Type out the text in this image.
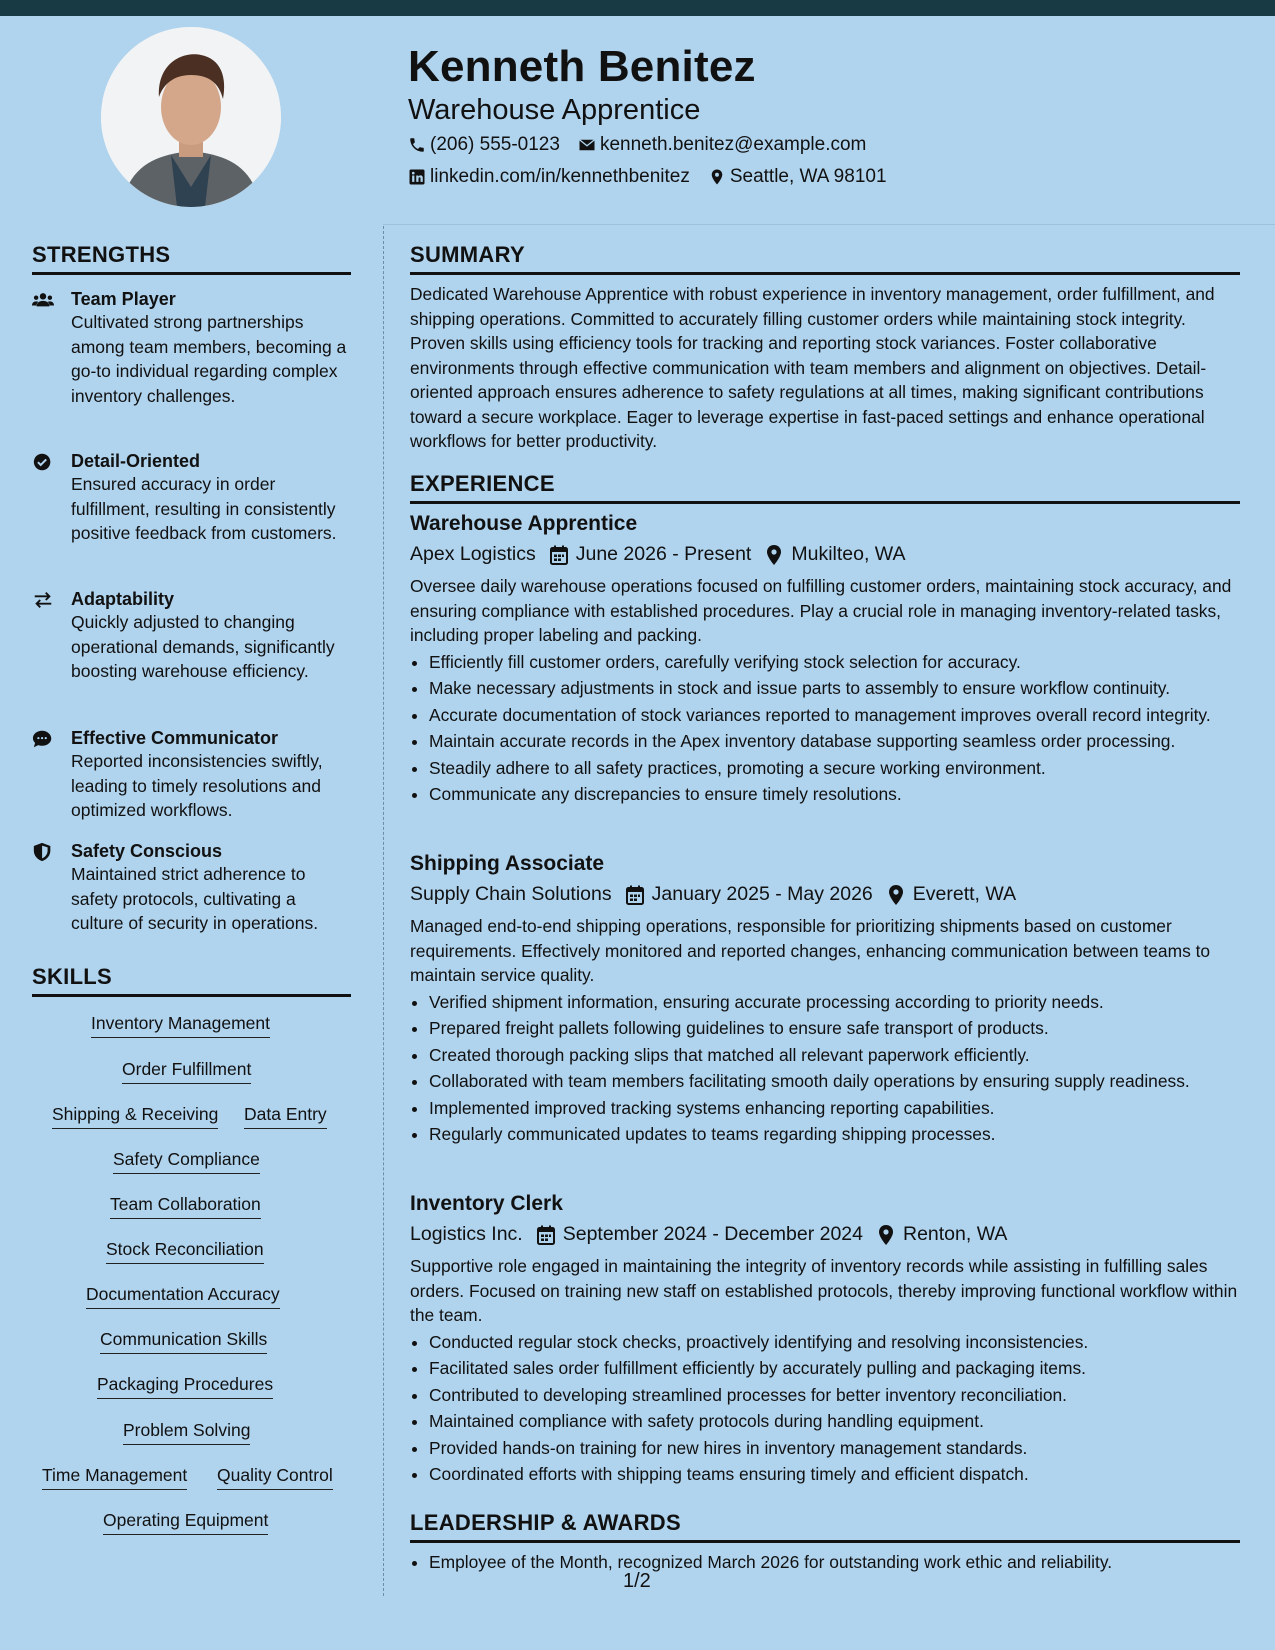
Kenneth Benitez
Warehouse Apprentice
(206) 555-0123 kenneth.benitez@example.com
linkedin.com/in/kennethbenitez Seattle, WA 98101
STRENGTHS
Team Player
Cultivated strong partnerships among team members, becoming a go-to individual regarding complex inventory challenges.
Detail-Oriented
Ensured accuracy in order fulfillment, resulting in consistently positive feedback from customers.
Adaptability
Quickly adjusted to changing operational demands, significantly boosting warehouse efficiency.
Effective Communicator
Reported inconsistencies swiftly, leading to timely resolutions and optimized workflows.
Safety Conscious
Maintained strict adherence to safety protocols, cultivating a culture of security in operations.
SKILLS
Inventory Management
Order Fulfillment
Shipping & Receiving Data Entry
Safety Compliance
Team Collaboration
Stock Reconciliation
Documentation Accuracy
Communication Skills
Packaging Procedures
Problem Solving
Time Management Quality Control
Operating Equipment
SUMMARY
Dedicated Warehouse Apprentice with robust experience in inventory management, order fulfillment, and shipping operations. Committed to accurately filling customer orders while maintaining stock integrity. Proven skills using efficiency tools for tracking and reporting stock variances. Foster collaborative environments through effective communication with team members and alignment on objectives. Detail-oriented approach ensures adherence to safety regulations at all times, making significant contributions toward a secure workplace. Eager to leverage expertise in fast-paced settings and enhance operational workflows for better productivity.
EXPERIENCE
Warehouse Apprentice
Apex Logistics June 2026 - Present Mukilteo, WA
Oversee daily warehouse operations focused on fulfilling customer orders, maintaining stock accuracy, and ensuring compliance with established procedures. Play a crucial role in managing inventory-related tasks, including proper labeling and packing.
• Efficiently fill customer orders, carefully verifying stock selection for accuracy.
• Make necessary adjustments in stock and issue parts to assembly to ensure workflow continuity.
• Accurate documentation of stock variances reported to management improves overall record integrity.
• Maintain accurate records in the Apex inventory database supporting seamless order processing.
• Steadily adhere to all safety practices, promoting a secure working environment.
• Communicate any discrepancies to ensure timely resolutions.
Shipping Associate
Supply Chain Solutions January 2025 - May 2026 Everett, WA
Managed end-to-end shipping operations, responsible for prioritizing shipments based on customer requirements. Effectively monitored and reported changes, enhancing communication between teams to maintain service quality.
• Verified shipment information, ensuring accurate processing according to priority needs.
• Prepared freight pallets following guidelines to ensure safe transport of products.
• Created thorough packing slips that matched all relevant paperwork efficiently.
• Collaborated with team members facilitating smooth daily operations by ensuring supply readiness.
• Implemented improved tracking systems enhancing reporting capabilities.
• Regularly communicated updates to teams regarding shipping processes.
Inventory Clerk
Logistics Inc. September 2024 - December 2024 Renton, WA
Supportive role engaged in maintaining the integrity of inventory records while assisting in fulfilling sales orders. Focused on training new staff on established protocols, thereby improving functional workflow within the team.
• Conducted regular stock checks, proactively identifying and resolving inconsistencies.
• Facilitated sales order fulfillment efficiently by accurately pulling and packaging items.
• Contributed to developing streamlined processes for better inventory reconciliation.
• Maintained compliance with safety protocols during handling equipment.
• Provided hands-on training for new hires in inventory management standards.
• Coordinated efforts with shipping teams ensuring timely and efficient dispatch.
LEADERSHIP & AWARDS
• Employee of the Month, recognized March 2026 for outstanding work ethic and reliability.
1/2
